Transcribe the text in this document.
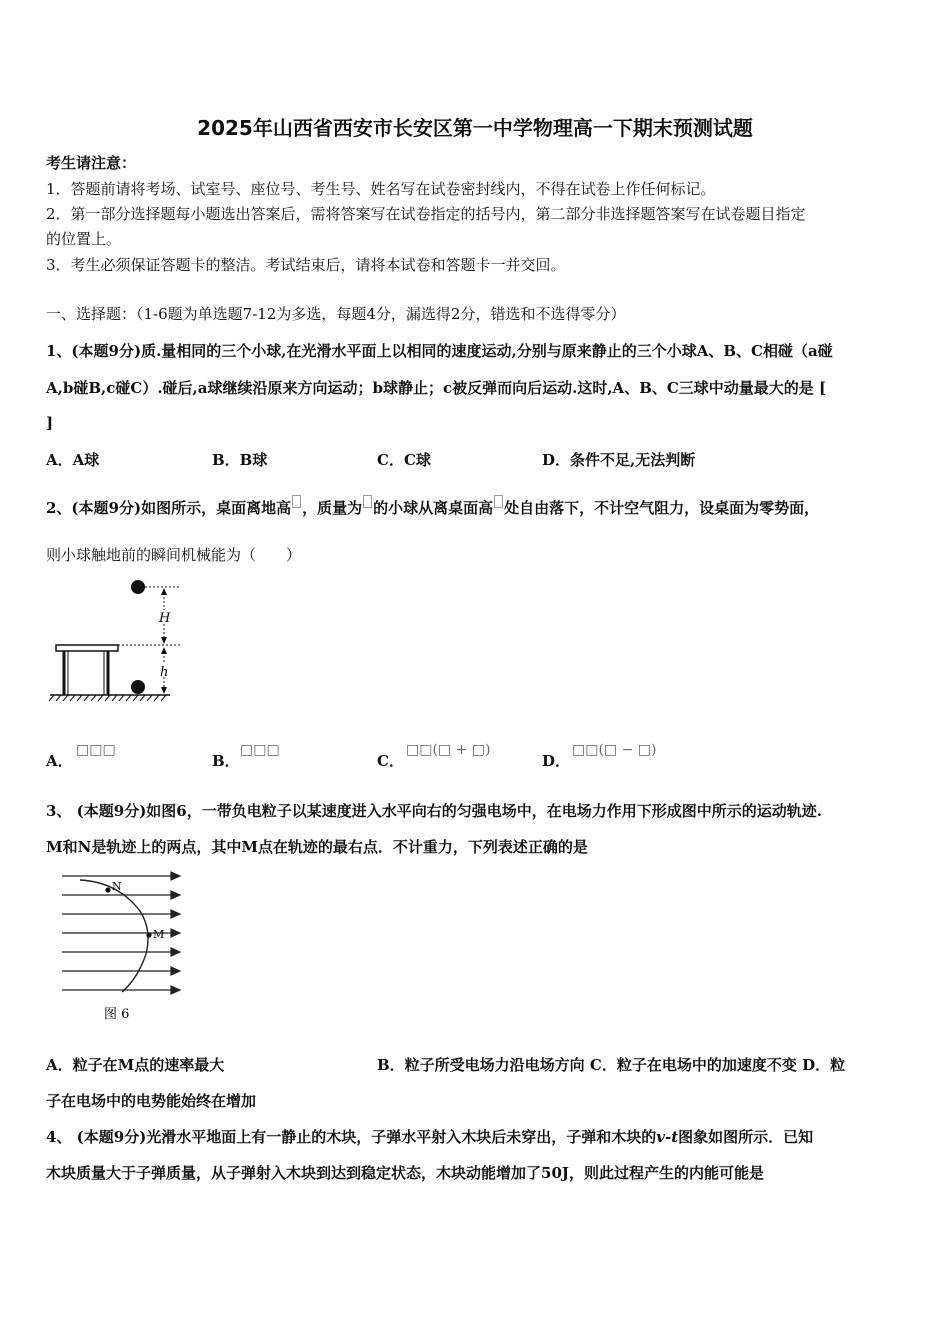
2025年山西省西安市长安区第一中学物理高一下期末预测试题
考生请注意：
1．答题前请将考场、试室号、座位号、考生号、姓名写在试卷密封线内，不得在试卷上作任何标记。
2．第一部分选择题每小题选出答案后，需将答案写在试卷指定的括号内，第二部分非选择题答案写在试卷题目指定
的位置上。
3．考生必须保证答题卡的整洁。考试结束后，请将本试卷和答题卡一并交回。
一、选择题：（1-6题为单选题7-12为多选，每题4分，漏选得2分，错选和不选得零分）
1、(本题9分)质.量相同的三个小球,在光滑水平面上以相同的速度运动,分别与原来静止的三个小球A、B、C相碰（a碰
A,b碰B,c碰C）.碰后,a球继续沿原来方向运动；b球静止；c被反弹而向后运动.这时,A、B、C三球中动量最大的是 [
]
A．A球	B．B球	C．C球	D．条件不足,无法判断
2、(本题9分)如图所示，桌面离地高 ，质量为 的小球从离桌面高 处自由落下，不计空气阻力，设桌面为零势面，
则小球触地前的瞬间机械能为（　　）
H
h
A．
□□□
B．
□□□
C．
□□(□ + □)
D．
□□(□ − □)
3、 (本题9分)如图6，一带负电粒子以某速度进入水平向右的匀强电场中，在电场力作用下形成图中所示的运动轨迹.
M和N是轨迹上的两点，其中M点在轨迹的最右点．不计重力，下列表述正确的是
N
M
图 6
A．粒子在M点的速率最大	B．粒子所受电场力沿电场方向 C．粒子在电场中的加速度不变 D．粒
子在电场中的电势能始终在增加
4、 (本题9分)光滑水平地面上有一静止的木块，子弹水平射入木块后未穿出，子弹和木块的v-t图象如图所示．已知
木块质量大于子弹质量，从子弹射入木块到达到稳定状态，木块动能增加了50J，则此过程产生的内能可能是
